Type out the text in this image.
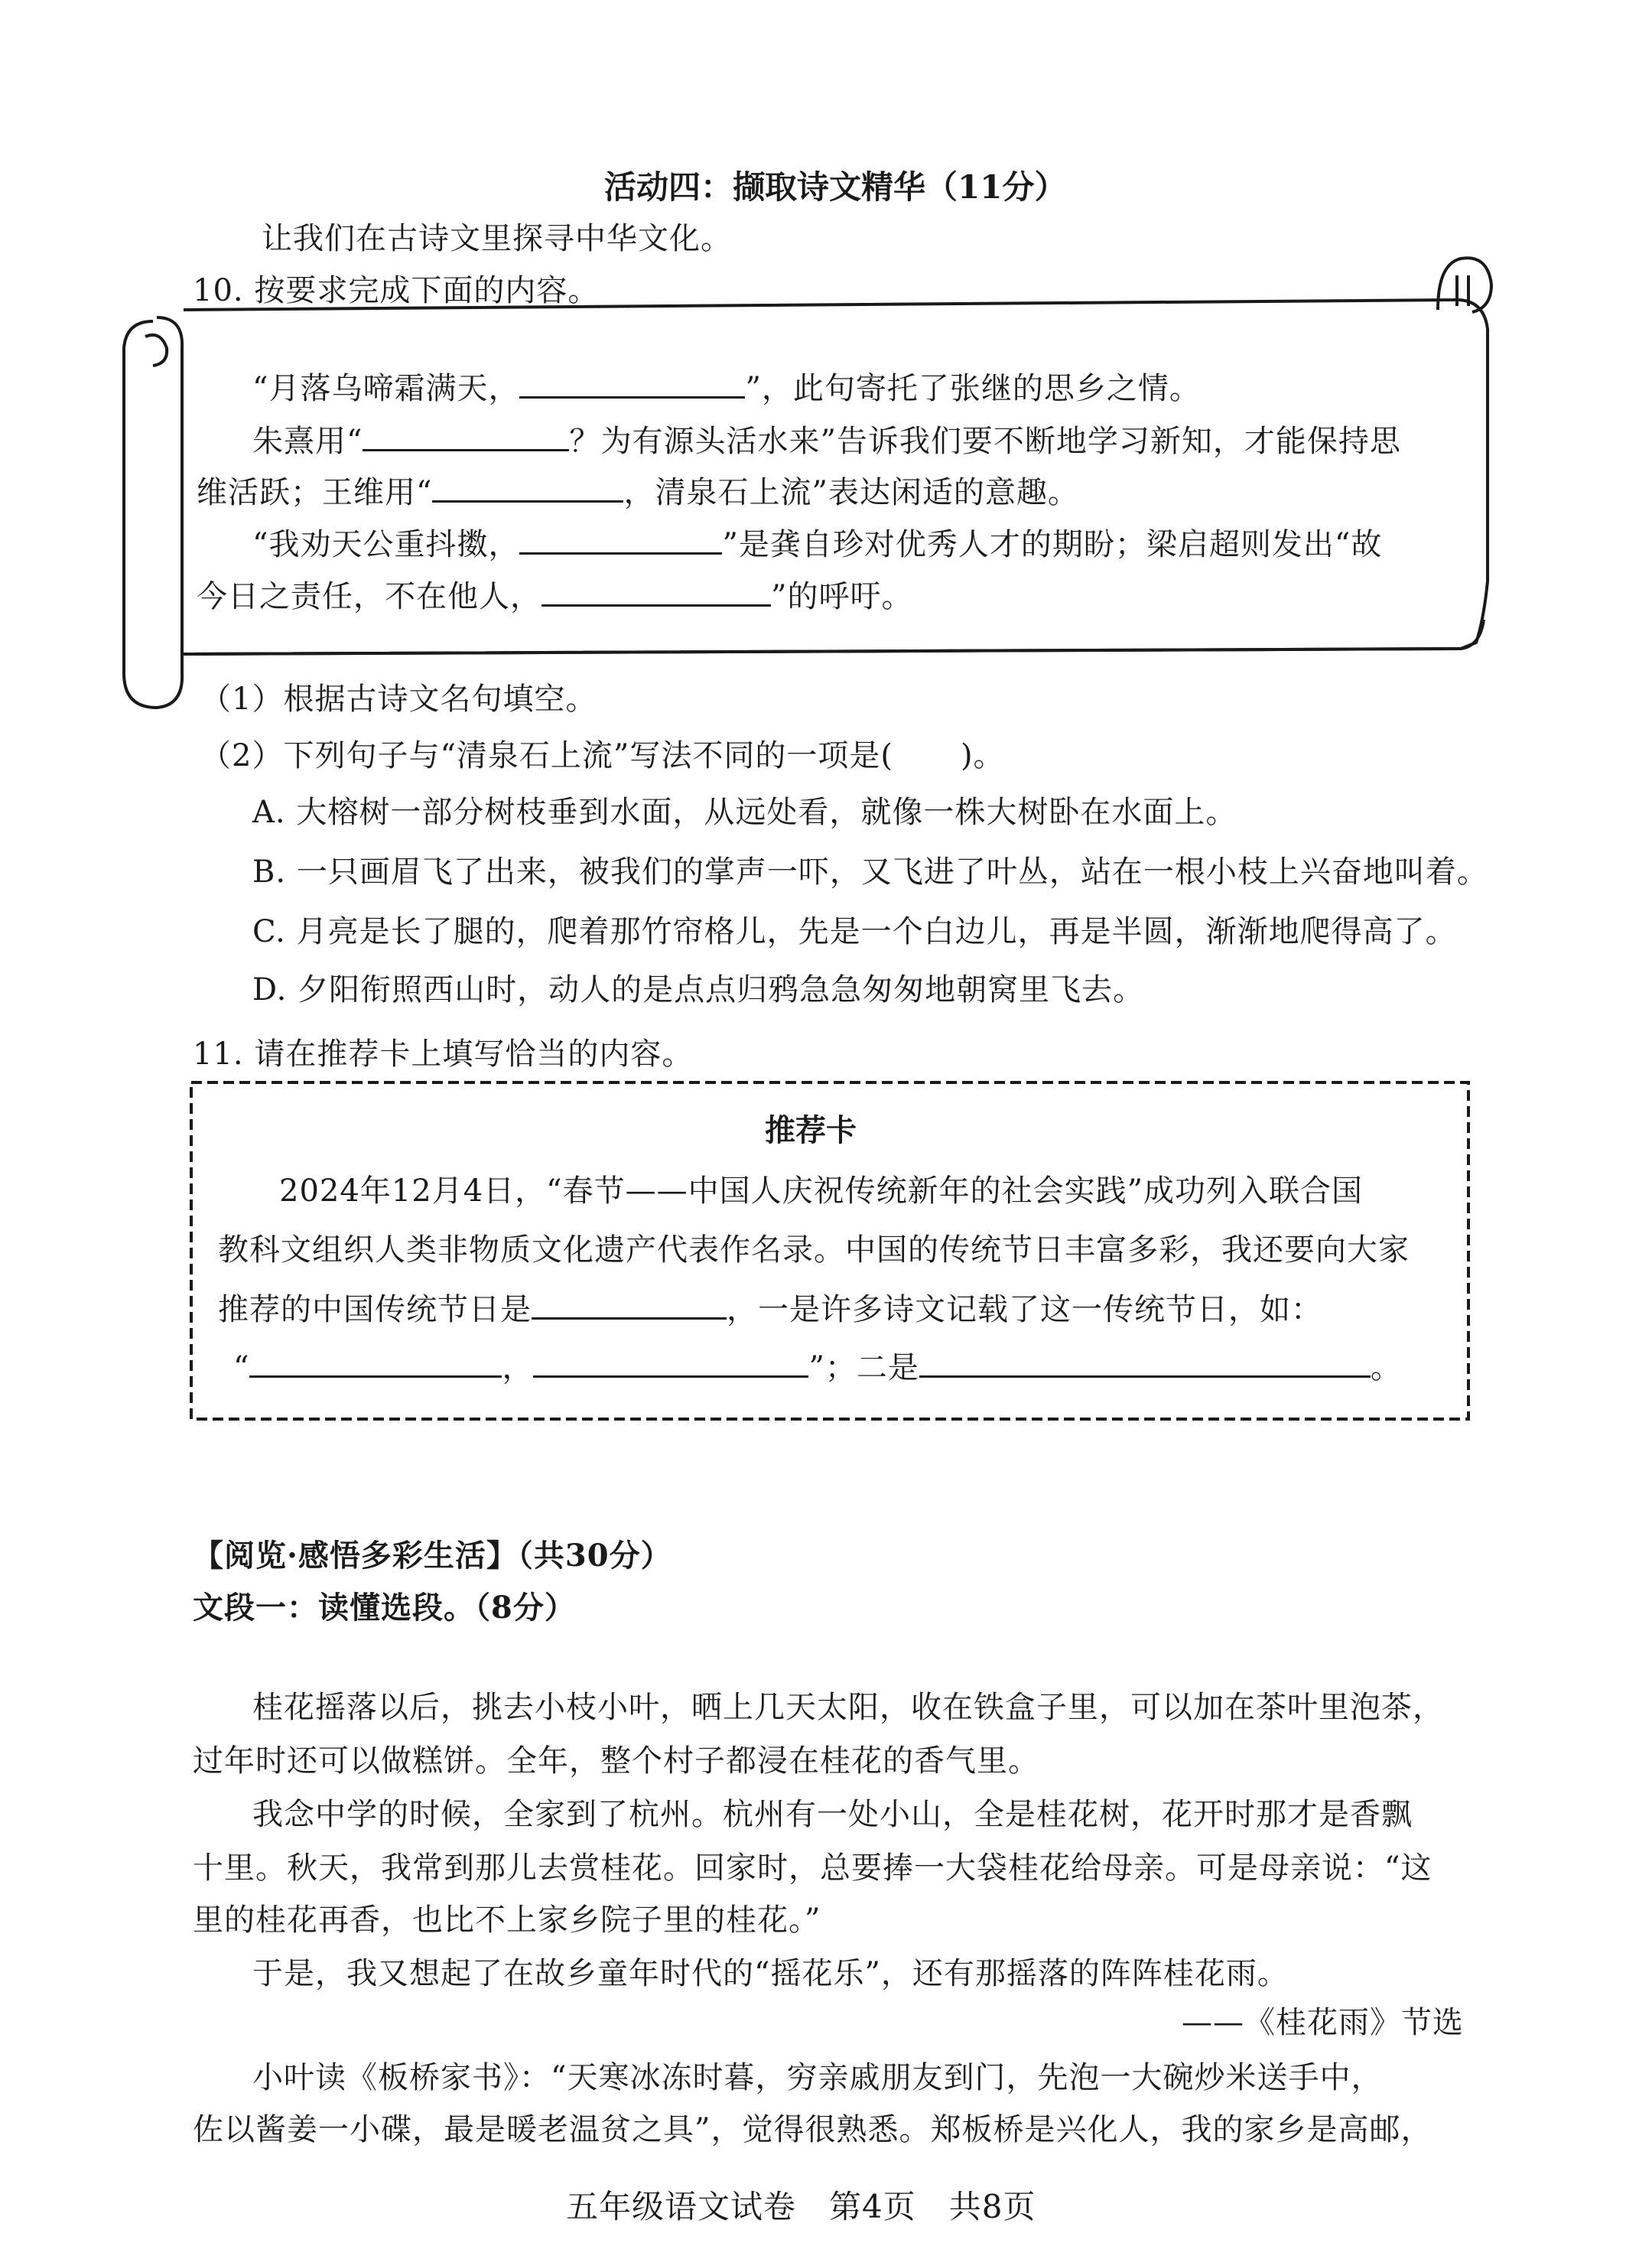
活动四：撷取诗文精华（11分）
让我们在古诗文里探寻中华文化。
10. 按要求完成下面的内容。
“月落乌啼霜满天，	”，此句寄托了张继的思乡之情。
朱熹用“	？为有源头活水来”告诉我们要不断地学习新知，才能保持思
维活跃；王维用“	，清泉石上流”表达闲适的意趣。
“我劝天公重抖擞，	”是龚自珍对优秀人才的期盼；梁启超则发出“故
今日之责任，不在他人，	”的呼吁。
（1）根据古诗文名句填空。
（2）下列句子与“清泉石上流”写法不同的一项是( )。
A. 大榕树一部分树枝垂到水面，从远处看，就像一株大树卧在水面上。
B. 一只画眉飞了出来，被我们的掌声一吓，又飞进了叶丛，站在一根小枝上兴奋地叫着。
C. 月亮是长了腿的，爬着那竹帘格儿，先是一个白边儿，再是半圆，渐渐地爬得高了。
D. 夕阳衔照西山时，动人的是点点归鸦急急匆匆地朝窝里飞去。
11. 请在推荐卡上填写恰当的内容。
推荐卡
2024年12月4日，“春节——中国人庆祝传统新年的社会实践”成功列入联合国
教科文组织人类非物质文化遗产代表作名录。中国的传统节日丰富多彩，我还要向大家
推荐的中国传统节日是	，一是许多诗文记载了这一传统节日，如：
“	，	”；二是	。
【阅览·感悟多彩生活】（共30分）
文段一：读懂选段。（8分）
桂花摇落以后，挑去小枝小叶，晒上几天太阳，收在铁盒子里，可以加在茶叶里泡茶，
过年时还可以做糕饼。全年，整个村子都浸在桂花的香气里。
我念中学的时候，全家到了杭州。杭州有一处小山，全是桂花树，花开时那才是香飘
十里。秋天，我常到那儿去赏桂花。回家时，总要捧一大袋桂花给母亲。可是母亲说：“这
里的桂花再香，也比不上家乡院子里的桂花。”
于是，我又想起了在故乡童年时代的“摇花乐”，还有那摇落的阵阵桂花雨。
——《桂花雨》节选
小叶读《板桥家书》：“天寒冰冻时暮，穷亲戚朋友到门，先泡一大碗炒米送手中，
佐以酱姜一小碟，最是暖老温贫之具”，觉得很熟悉。郑板桥是兴化人，我的家乡是高邮，
五年级语文试卷　第4页　共8页
